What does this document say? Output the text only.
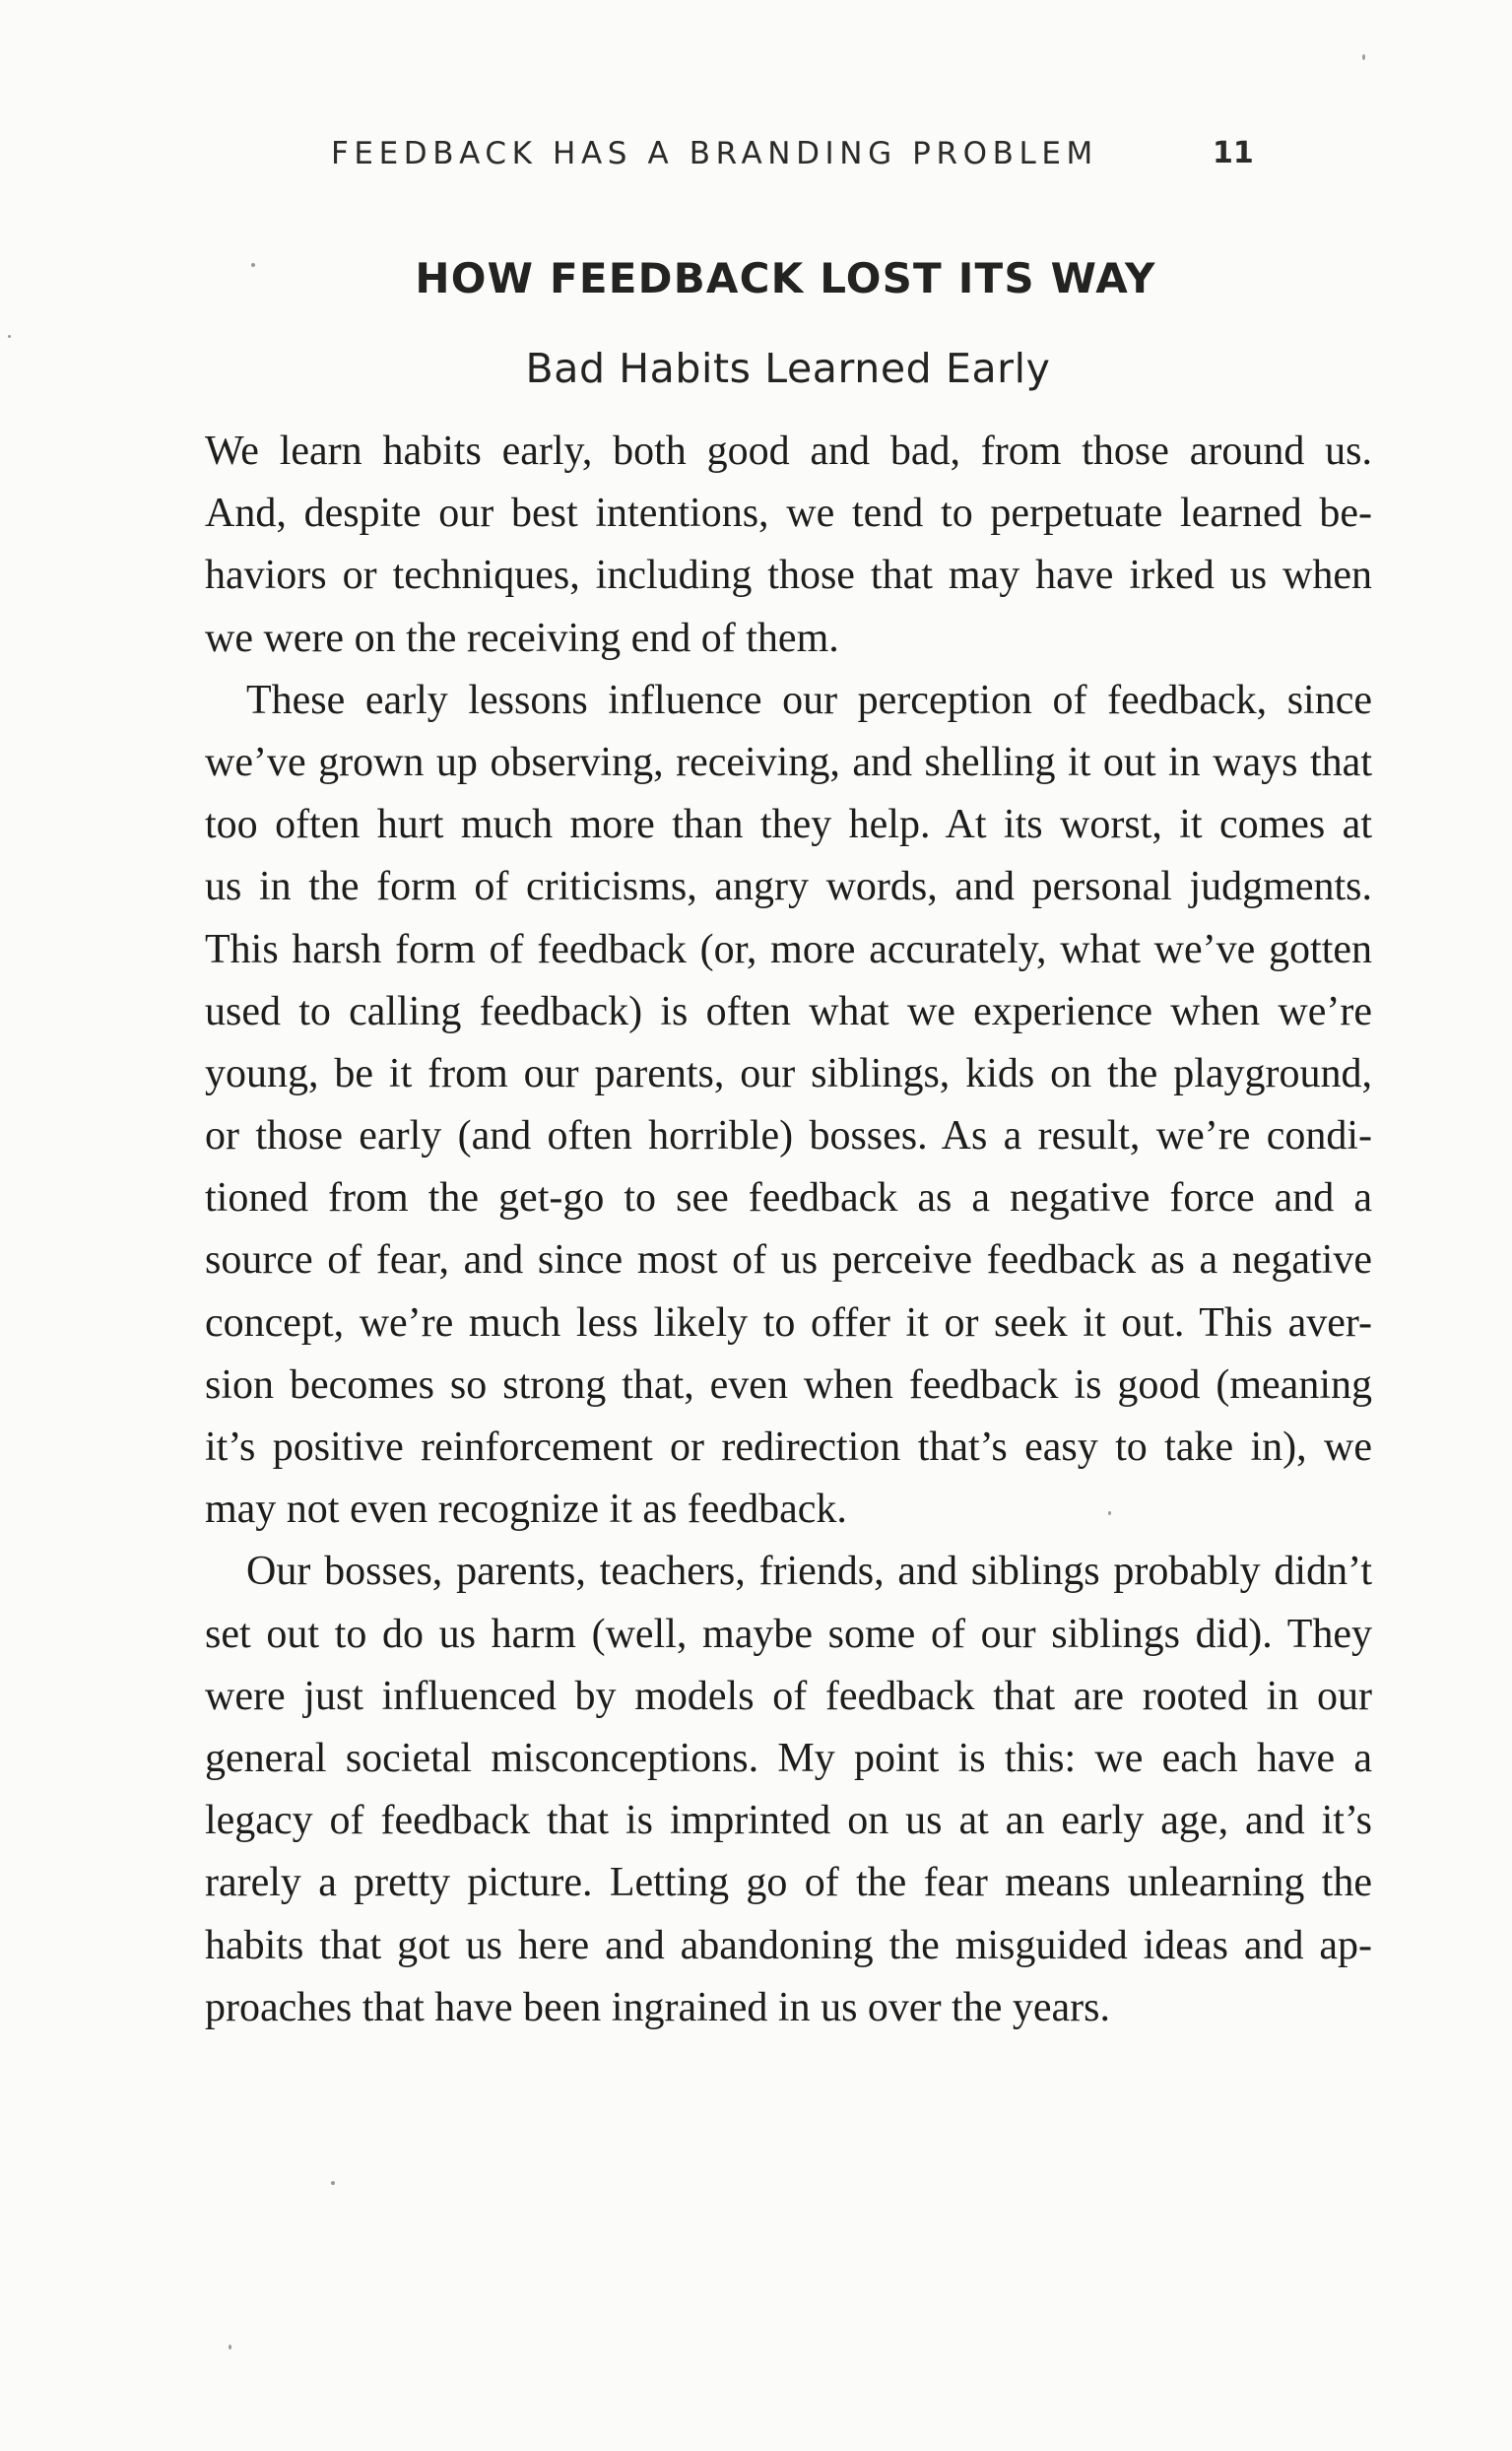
FEEDBACK HAS A BRANDING PROBLEM	11
HOW FEEDBACK LOST ITS WAY
Bad Habits Learned Early
We learn habits early, both good and bad, from those around us.
And, despite our best intentions, we tend to perpetuate learned be-
haviors or techniques, including those that may have irked us when
we were on the receiving end of them.
These early lessons influence our perception of feedback, since
we’ve grown up observing, receiving, and shelling it out in ways that
too often hurt much more than they help. At its worst, it comes at
us in the form of criticisms, angry words, and personal judgments.
This harsh form of feedback (or, more accurately, what we’ve gotten
used to calling feedback) is often what we experience when we’re
young, be it from our parents, our siblings, kids on the playground,
or those early (and often horrible) bosses. As a result, we’re condi-
tioned from the get-go to see feedback as a negative force and a
source of fear, and since most of us perceive feedback as a negative
concept, we’re much less likely to offer it or seek it out. This aver-
sion becomes so strong that, even when feedback is good (meaning
it’s positive reinforcement or redirection that’s easy to take in), we
may not even recognize it as feedback.
Our bosses, parents, teachers, friends, and siblings probably didn’t
set out to do us harm (well, maybe some of our siblings did). They
were just influenced by models of feedback that are rooted in our
general societal misconceptions. My point is this: we each have a
legacy of feedback that is imprinted on us at an early age, and it’s
rarely a pretty picture. Letting go of the fear means unlearning the
habits that got us here and abandoning the misguided ideas and ap-
proaches that have been ingrained in us over the years.
